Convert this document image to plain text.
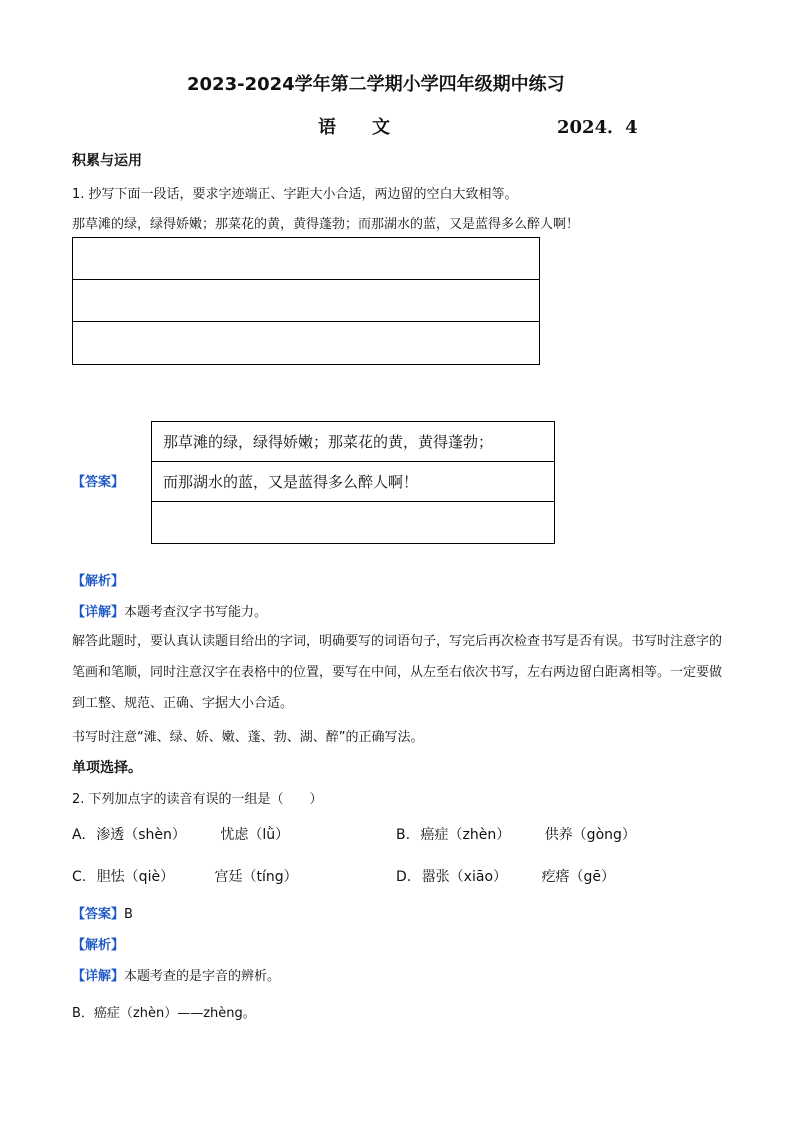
2023-2024学年第二学期小学四年级期中练习
语　　文	2024．4
积累与运用
1. 抄写下面一段话，要求字迹端正、字距大小合适，两边留的空白大致相等。
那草滩的绿，绿得娇嫩；那菜花的黄，黄得蓬勃；而那湖水的蓝，又是蓝得多么醉人啊！
【答案】
那草滩的绿，绿得娇嫩；那菜花的黄，黄得蓬勃；
而那湖水的蓝，又是蓝得多么醉人啊！
【解析】
【详解】本题考查汉字书写能力。
解答此题时，要认真认读题目给出的字词，明确要写的词语句子，写完后再次检查书写是否有误。书写时注意字的笔画和笔顺，同时注意汉字在表格中的位置，要写在中间，从左至右依次书写，左右两边留白距离相等。一定要做到工整、规范、正确、字据大小合适。
书写时注意“滩、绿、娇、嫩、蓬、勃、湖、醉”的正确写法。
单项选择。
2. 下列加点字的读音有误的一组是（　　）
A. 渗透（shèn） 忧虑（lǜ）	B. 癌症（zhèn） 供养（gòng）
C. 胆怯（qiè）	宫廷（tíng）	D. 嚣张（xiāo） 疙瘩（gē）
【答案】B
【解析】
【详解】本题考查的是字音的辨析。
B．癌症（zhèn）——zhèng。
